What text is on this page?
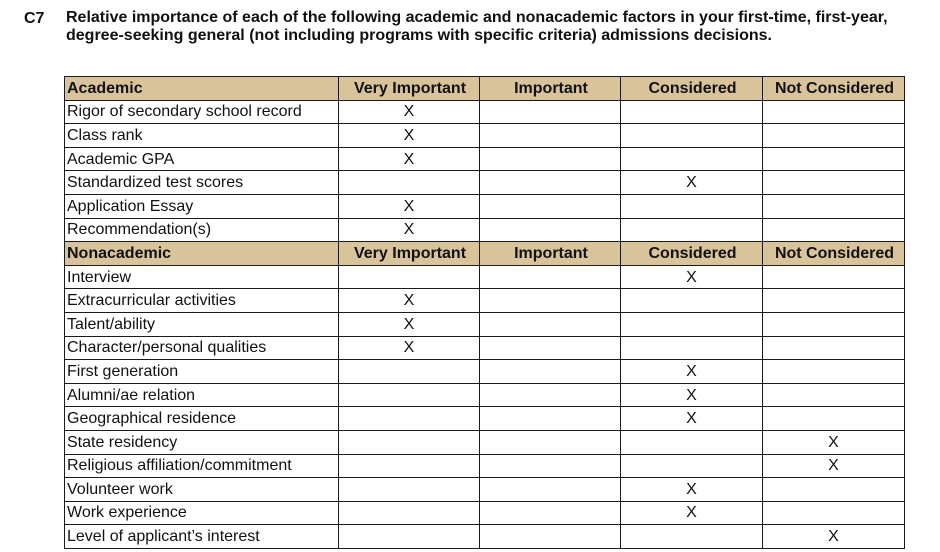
C7 Relative importance of each of the following academic and nonacademic factors in your first-time, first-year, degree-seeking general (not including programs with specific criteria) admissions decisions.
Academic	Very Important	Important	Considered	Not Considered
Rigor of secondary school record	X			
Class rank	X			
Academic GPA	X			
Standardized test scores			X	
Application Essay	X			
Recommendation(s)	X			
Nonacademic	Very Important	Important	Considered	Not Considered
Interview			X	
Extracurricular activities	X			
Talent/ability	X			
Character/personal qualities	X			
First generation			X	
Alumni/ae relation			X	
Geographical residence			X	
State residency				X
Religious affiliation/commitment				X
Volunteer work			X	
Work experience			X	
Level of applicant’s interest				X
